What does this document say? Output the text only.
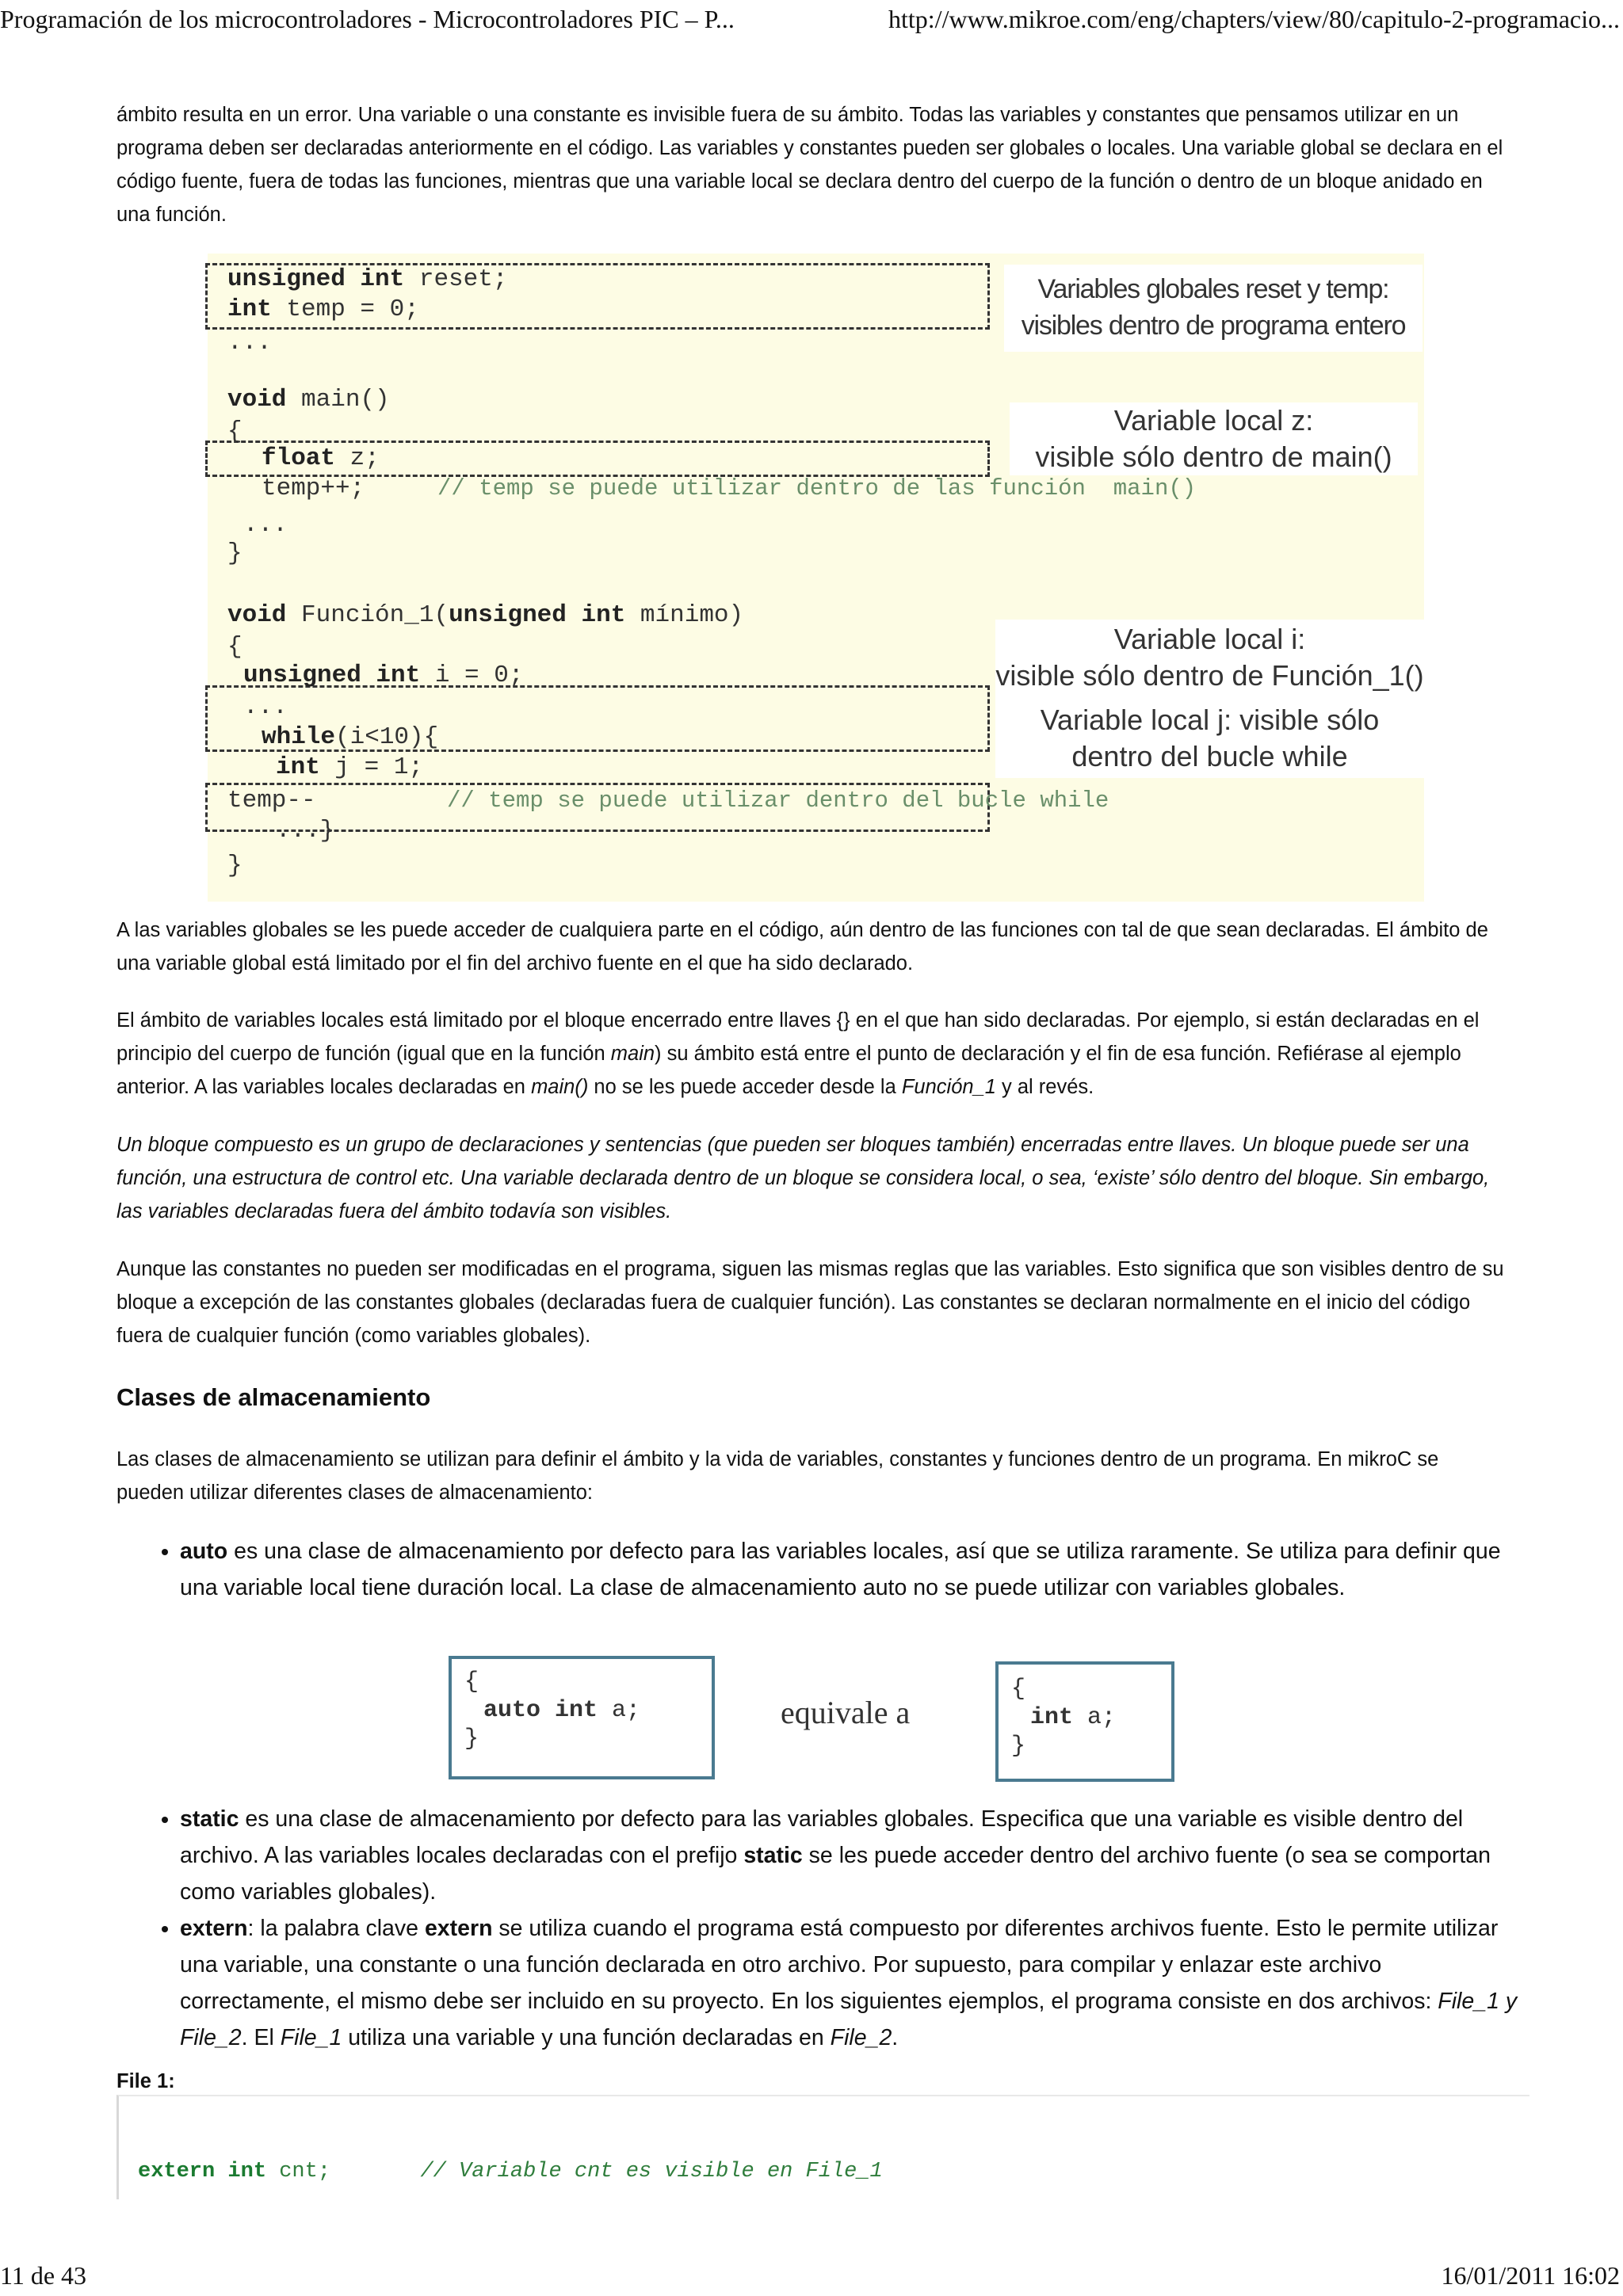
Programación de los microcontroladores - Microcontroladores PIC – P...	http://www.mikroe.com/eng/chapters/view/80/capitulo-2-programacio...

ámbito resulta en un error. Una variable o una constante es invisible fuera de su ámbito. Todas las variables y constantes que pensamos utilizar en un programa deben ser declaradas anteriormente en el código. Las variables y constantes pueden ser globales o locales. Una variable global se declara en el código fuente, fuera de todas las funciones, mientras que una variable local se declara dentro del cuerpo de la función o dentro de un bloque anidado en una función.

unsigned int reset;
int temp = 0;
...
void main()
{
float z;
temp++;	// temp se puede utilizar dentro de las función  main()
...
}
void Función_1(unsigned int mínimo)
{
unsigned int i = 0;
...
while(i<10){
int j = 1;
temp--	// temp se puede utilizar dentro del bucle while
...}
}
Variables globales reset y temp:
visibles dentro de programa entero
Variable local z:
visible sólo dentro de main()
Variable local i:
visible sólo dentro de Función_1()
Variable local j: visible sólo
dentro del bucle while

A las variables globales se les puede acceder de cualquiera parte en el código, aún dentro de las funciones con tal de que sean declaradas. El ámbito de una variable global está limitado por el fin del archivo fuente en el que ha sido declarado.

El ámbito de variables locales está limitado por el bloque encerrado entre llaves {} en el que han sido declaradas. Por ejemplo, si están declaradas en el principio del cuerpo de función (igual que en la función main) su ámbito está entre el punto de declaración y el fin de esa función. Refiérase al ejemplo anterior. A las variables locales declaradas en main() no se les puede acceder desde la Función_1 y al revés.

Un bloque compuesto es un grupo de declaraciones y sentencias (que pueden ser bloques también) encerradas entre llaves. Un bloque puede ser una función, una estructura de control etc. Una variable declarada dentro de un bloque se considera local, o sea, ‘existe’ sólo dentro del bloque. Sin embargo, las variables declaradas fuera del ámbito todavía son visibles.

Aunque las constantes no pueden ser modificadas en el programa, siguen las mismas reglas que las variables. Esto significa que son visibles dentro de su bloque a excepción de las constantes globales (declaradas fuera de cualquier función). Las constantes se declaran normalmente en el inicio del código fuera de cualquier función (como variables globales).

Clases de almacenamiento

Las clases de almacenamiento se utilizan para definir el ámbito y la vida de variables, constantes y funciones dentro de un programa. En mikroC se pueden utilizar diferentes clases de almacenamiento:

• auto es una clase de almacenamiento por defecto para las variables locales, así que se utiliza raramente. Se utiliza para definir que una variable local tiene duración local. La clase de almacenamiento auto no se puede utilizar con variables globales.
{
auto int a;
}
equivale a
{
int a;
}
• static es una clase de almacenamiento por defecto para las variables globales. Especifica que una variable es visible dentro del archivo. A las variables locales declaradas con el prefijo static se les puede acceder dentro del archivo fuente (o sea se comportan como variables globales).
• extern: la palabra clave extern se utiliza cuando el programa está compuesto por diferentes archivos fuente. Esto le permite utilizar una variable, una constante o una función declarada en otro archivo. Por supuesto, para compilar y enlazar este archivo correctamente, el mismo debe ser incluido en su proyecto. En los siguientes ejemplos, el programa consiste en dos archivos: File_1 y File_2. El File_1 utiliza una variable y una función declaradas en File_2.
File 1:
extern int cnt;	// Variable cnt es visible en File_1
11 de 43	16/01/2011 16:02
